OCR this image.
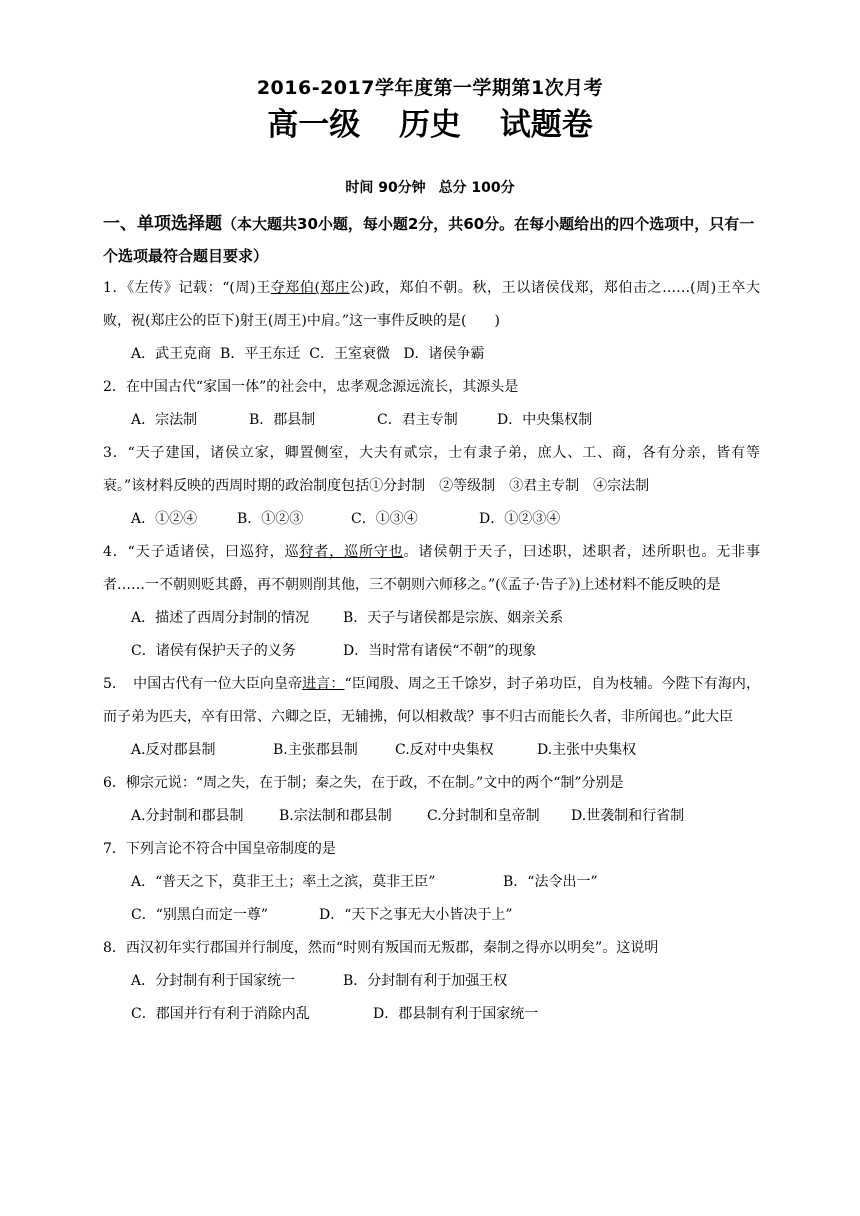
2016-2017学年度第一学期第1次月考
高一级 历史 试题卷
时间 90分钟 总分 100分
一、单项选择题（本大题共30小题，每小题2分，共60分。在每小题给出的四个选项中，只有一个选项最符合题目要求）
1．《左传》记载：“(周)王夺郑伯(郑庄公)政，郑伯不朝。秋，王以诸侯伐郑，郑伯击之……(周)王卒大败，祝(郑庄公的臣下)射王(周王)中肩。”这一事件反映的是(　　)
A．武王克商 B．平王东迁 C．王室衰微 D．诸侯争霸
2．在中国古代“家国一体”的社会中，忠孝观念源远流长，其源头是
A．宗法制	B．郡县制	C．君主专制	D．中央集权制
3．“天子建国，诸侯立家，卿置侧室，大夫有贰宗，士有隶子弟，庶人、工、商，各有分亲，皆有等衰。”该材料反映的西周时期的政治制度包括①分封制　②等级制　③君主专制　④宗法制
A．①②④	B．①②③	C．①③④	D．①②③④
4．“天子适诸侯，曰巡狩，巡狩者，巡所守也。诸侯朝于天子，曰述职，述职者，述所职也。无非事者……一不朝则贬其爵，再不朝则削其他，三不朝则六师移之。”(《孟子·告子》)上述材料不能反映的是
A．描述了西周分封制的情况 B．天子与诸侯都是宗族、姻亲关系
C．诸侯有保护天子的义务	D．当时常有诸侯“不朝”的现象
5．　中国古代有一位大臣向皇帝进言：“臣闻殷、周之王千馀岁，封子弟功臣，自为枝辅。今陛下有海内，而子弟为匹夫，卒有田常、六卿之臣，无辅拂，何以相救哉？事不归古而能长久者，非所闻也。”此大臣
A.反对郡县制	B.主张郡县制	C.反对中央集权	D.主张中央集权
6．柳宗元说：“周之失，在于制；秦之失，在于政，不在制。”文中的两个“制”分别是
A.分封制和郡县制	B.宗法制和郡县制	C.分封制和皇帝制 D.世袭制和行省制
7．下列言论不符合中国皇帝制度的是
A．“普天之下，莫非王土；率土之滨，莫非王臣”	B．“法令出一”
C．“别黑白而定一尊”	D．“天下之事无大小皆决于上”
8．西汉初年实行郡国并行制度，然而“时则有叛国而无叛郡，秦制之得亦以明矣”。这说明
A．分封制有利于国家统一	B．分封制有利于加强王权
C．郡国并行有利于消除内乱	D．郡县制有利于国家统一
